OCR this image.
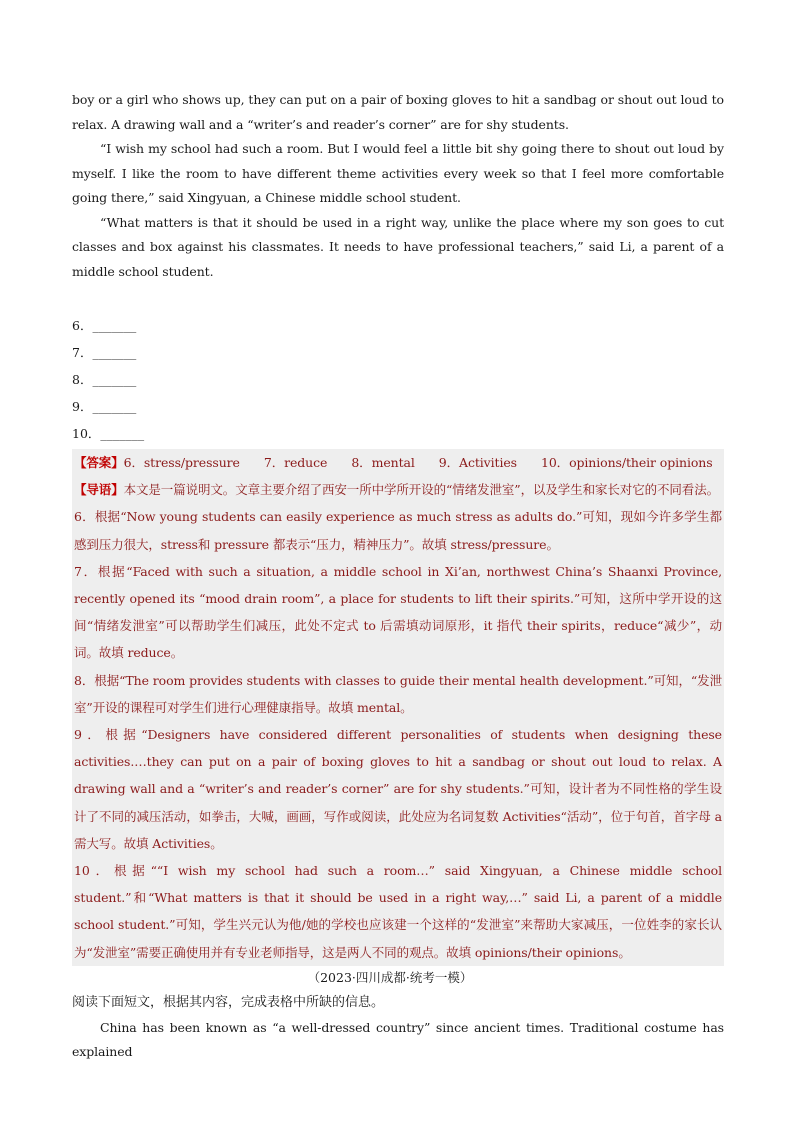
boy or a girl who shows up, they can put on a pair of boxing gloves to hit a sandbag or shout out loud to relax. A drawing wall and a “writer’s and reader’s corner” are for shy students.

“I wish my school had such a room. But I would feel a little bit shy going there to shout out loud by myself. I like the room to have different theme activities every week so that I feel more comfortable going there,” said Xingyuan, a Chinese middle school student.

“What matters is that it should be used in a right way, unlike the place where my son goes to cut classes and box against his classmates. It needs to have professional teachers,” said Li, a parent of a middle school student.

6．_______

7．_______

8．_______

9．_______

10．_______

【答案】6．stress/pressure 7．reduce 8．mental 9．Activities 10．opinions/their opinions

【导语】本文是一篇说明文。文章主要介绍了西安一所中学所开设的“情绪发泄室”，以及学生和家长对它的不同看法。

6．根据“Now young students can easily experience as much stress as adults do.”可知，现如今许多学生都感到压力很大，stress和 pressure 都表示“压力，精神压力”。故填 stress/pressure。

7．根据“Faced with such a situation, a middle school in Xi’an, northwest China’s Shaanxi Province, recently opened its “mood drain room”, a place for students to lift their spirits.”可知，这所中学开设的这间“情绪发泄室”可以帮助学生们减压，此处不定式 to 后需填动词原形，it 指代 their spirits，reduce“减少”，动词。故填 reduce。

8．根据“The room provides students with classes to guide their mental health development.”可知，“发泄室”开设的课程可对学生们进行心理健康指导。故填 mental。

9．根据“Designers have considered different personalities of students when designing these activities.…they can put on a pair of boxing gloves to hit a sandbag or shout out loud to relax. A drawing wall and a “writer’s and reader’s corner” are for shy students.”可知，设计者为不同性格的学生设计了不同的减压活动，如拳击，大喊，画画，写作或阅读，此处应为名词复数 Activities“活动”，位于句首，首字母 a 需大写。故填 Activities。

10．根据““I wish my school had such a room…” said Xingyuan, a Chinese middle school student.”和“What matters is that it should be used in a right way,…” said Li, a parent of a middle school student.”可知，学生兴元认为他/她的学校也应该建一个这样的“发泄室”来帮助大家减压，一位姓李的家长认为“发泄室”需要正确使用并有专业老师指导，这是两人不同的观点。故填 opinions/their opinions。

（2023·四川成都·统考一模）

阅读下面短文，根据其内容，完成表格中所缺的信息。

China has been known as “a well-dressed country” since ancient times. Traditional costume has explained
